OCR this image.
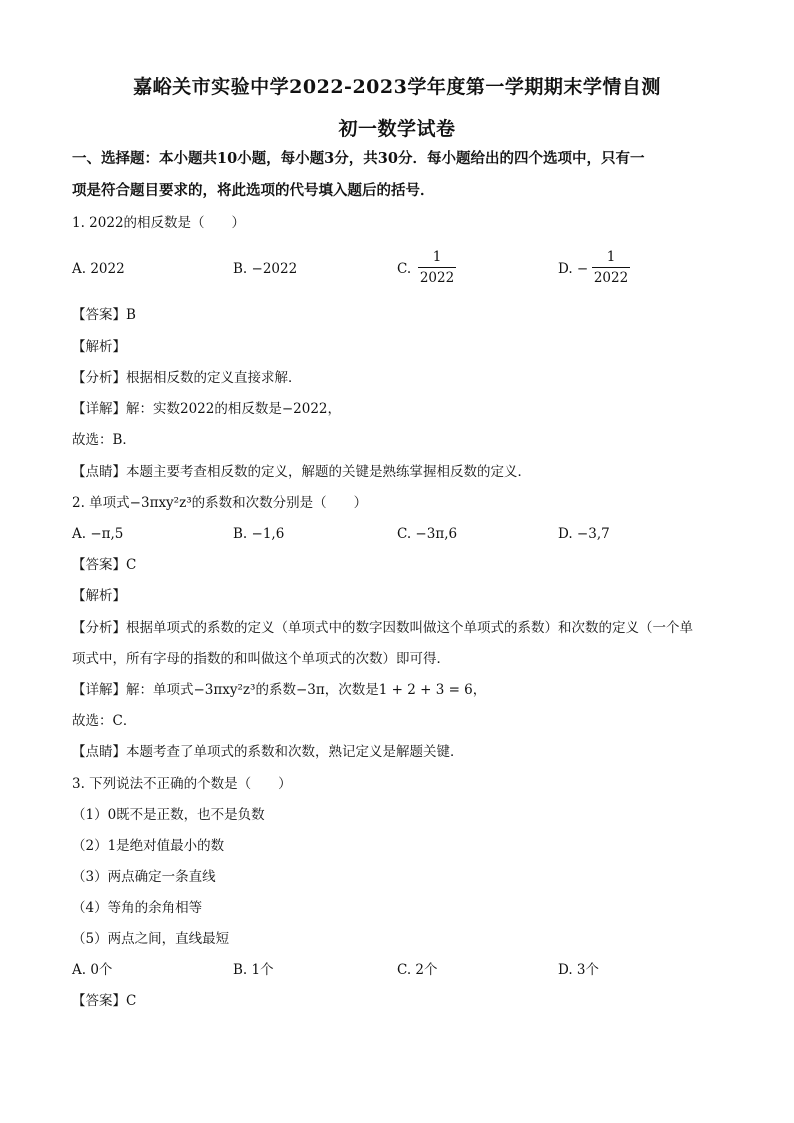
嘉峪关市实验中学2022-2023学年度第一学期期末学情自测
初一数学试卷
一、选择题：本小题共10小题，每小题3分，共30分．每小题给出的四个选项中，只有一
项是符合题目要求的，将此选项的代号填入题后的括号．
1. 2022的相反数是（　　）
A. 2022	B. −2022	C.
1
2022
D. −
1
2022
【答案】B
【解析】
【分析】根据相反数的定义直接求解．
【详解】解：实数2022的相反数是−2022，
故选：B．
【点睛】本题主要考查相反数的定义，解题的关键是熟练掌握相反数的定义．
2. 单项式−3πxy²z³的系数和次数分别是（　　）
A. −π,5	B. −1,6	C. −3π,6	D. −3,7
【答案】C
【解析】
【分析】根据单项式的系数的定义（单项式中的数字因数叫做这个单项式的系数）和次数的定义（一个单
项式中，所有字母的指数的和叫做这个单项式的次数）即可得．
【详解】解：单项式−3πxy²z³的系数−3π，次数是1 + 2 + 3 = 6，
故选：C．
【点睛】本题考查了单项式的系数和次数，熟记定义是解题关键．
3. 下列说法不正确的个数是（　　）
（1）0既不是正数，也不是负数
（2）1是绝对值最小的数
（3）两点确定一条直线
（4）等角的余角相等
（5）两点之间，直线最短
A. 0个	B. 1个	C. 2个	D. 3个
【答案】C
